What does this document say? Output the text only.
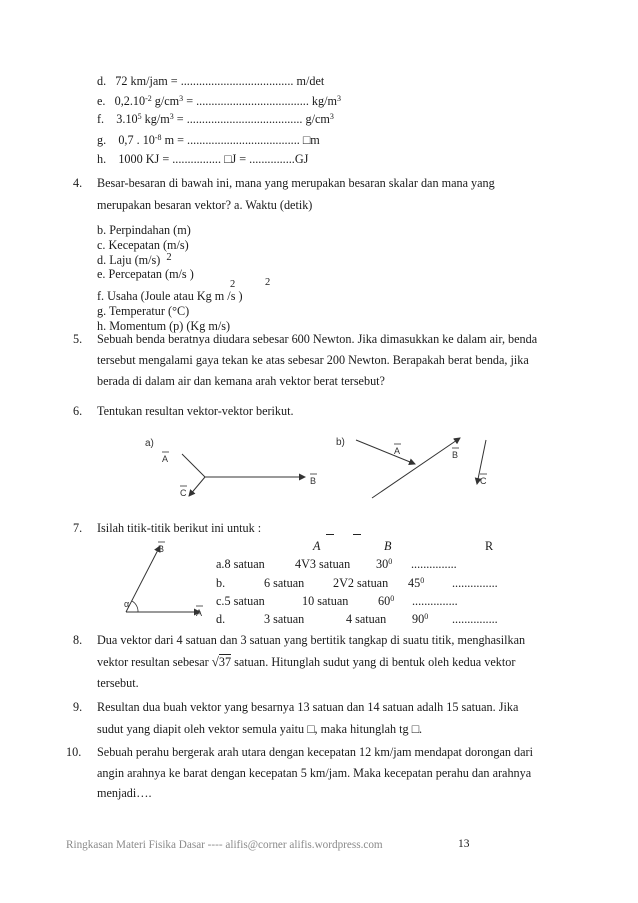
d. 72 km/jam = ..................................... m/det
e. $0,2.10^{-2}$ $g/cm^3$ = ..................................... $kg/m^3$
f. 3.10$^5$ $kg/m^3$ = ...................................... $g/cm^3$
g. 0,7 . $10^{-8}$ m = ..................................... □m
h. 1000 KJ = ................ □J = ...............GJ
4. Besar-besaran di bawah ini, mana yang merupakan besaran skalar dan mana yang
merupakan besaran vektor? a. Waktu (detik)
b. Perpindahan (m)
c. Kecepatan (m/s)
d. Laju (m/s) $^2$
e. Percepatan (m/s )
2	2
f. Usaha (Joule atau Kg m /s )
g. Temperatur (°C)
h. Momentum (p) (Kg m/s)
5. Sebuah benda beratnya diudara sebesar 600 Newton. Jika dimasukkan ke dalam air, benda
tersebut mengalami gaya tekan ke atas sebesar 200 Newton. Berapakah berat benda, jika
berada di dalam air dan kemana arah vektor berat tersebut?
6. Tentukan resultan vektor-vektor berikut.
a)
A
B
C
b)
A	B
C
7. Isilah titik-titik berikut ini untuk :
A	B	R
α
B
A
a.8 satuan 4V3 satuan $30^0$ ...............
b.	6 satuan 2V2 satuan $45^0$ ...............
c.5 satuan	10 satuan $60^0$ ...............
d.	3 satuan	4 satuan $90^0$ ...............
8. Dua vektor dari 4 satuan dan 3 satuan yang bertitik tangkap di suatu titik, menghasilkan
vektor resultan sebesar √37 satuan. Hitunglah sudut yang di bentuk oleh kedua vektor
tersebut.
9. Resultan dua buah vektor yang besarnya 13 satuan dan 14 satuan adalh 15 satuan. Jika
sudut yang diapit oleh vektor semula yaitu □, maka hitunglah tg □.
10. Sebuah perahu bergerak arah utara dengan kecepatan 12 km/jam mendapat dorongan dari
angin arahnya ke barat dengan kecepatan 5 km/jam. Maka kecepatan perahu dan arahnya
menjadi….
Ringkasan Materi Fisika Dasar ---- alifis@corner alifis.wordpress.com	13
